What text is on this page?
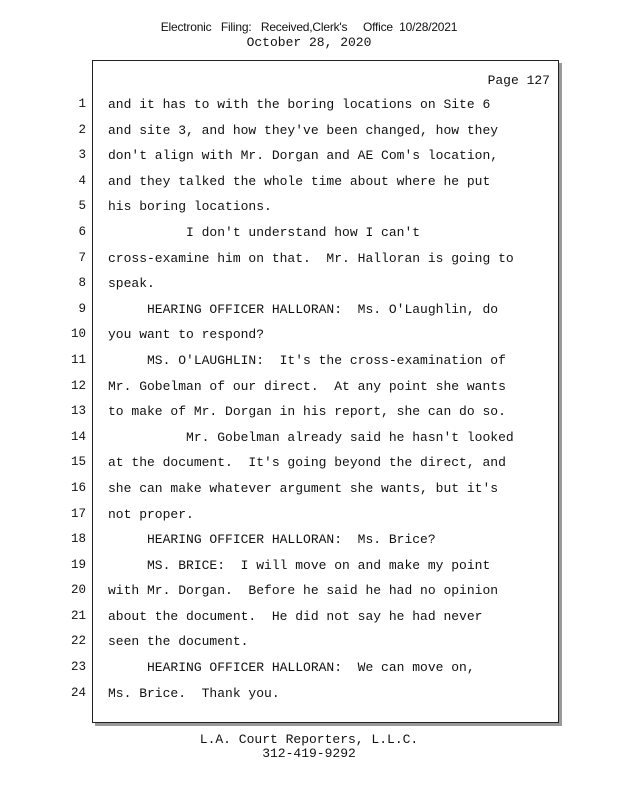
Electronic   Filing:   Received,Clerk's     Office  10/28/2021
October 28, 2020
Page 127
1
2
3
4
5
6
7
8
9
10
11
12
13
14
15
16
17
18
19
20
21
22
23
24
and it has to with the boring locations on Site 6
and site 3, and how they've been changed, how they
don't align with Mr. Dorgan and AE Com's location,
and they talked the whole time about where he put
his boring locations.
I don't understand how I can't
cross-examine him on that.  Mr. Halloran is going to
speak.
HEARING OFFICER HALLORAN:  Ms. O'Laughlin, do
you want to respond?
MS. O'LAUGHLIN:  It's the cross-examination of
Mr. Gobelman of our direct.  At any point she wants
to make of Mr. Dorgan in his report, she can do so.
Mr. Gobelman already said he hasn't looked
at the document.  It's going beyond the direct, and
she can make whatever argument she wants, but it's
not proper.
HEARING OFFICER HALLORAN:  Ms. Brice?
MS. BRICE:  I will move on and make my point
with Mr. Dorgan.  Before he said he had no opinion
about the document.  He did not say he had never
seen the document.
HEARING OFFICER HALLORAN:  We can move on,
Ms. Brice.  Thank you.
L.A. Court Reporters, L.L.C.
312-419-9292
